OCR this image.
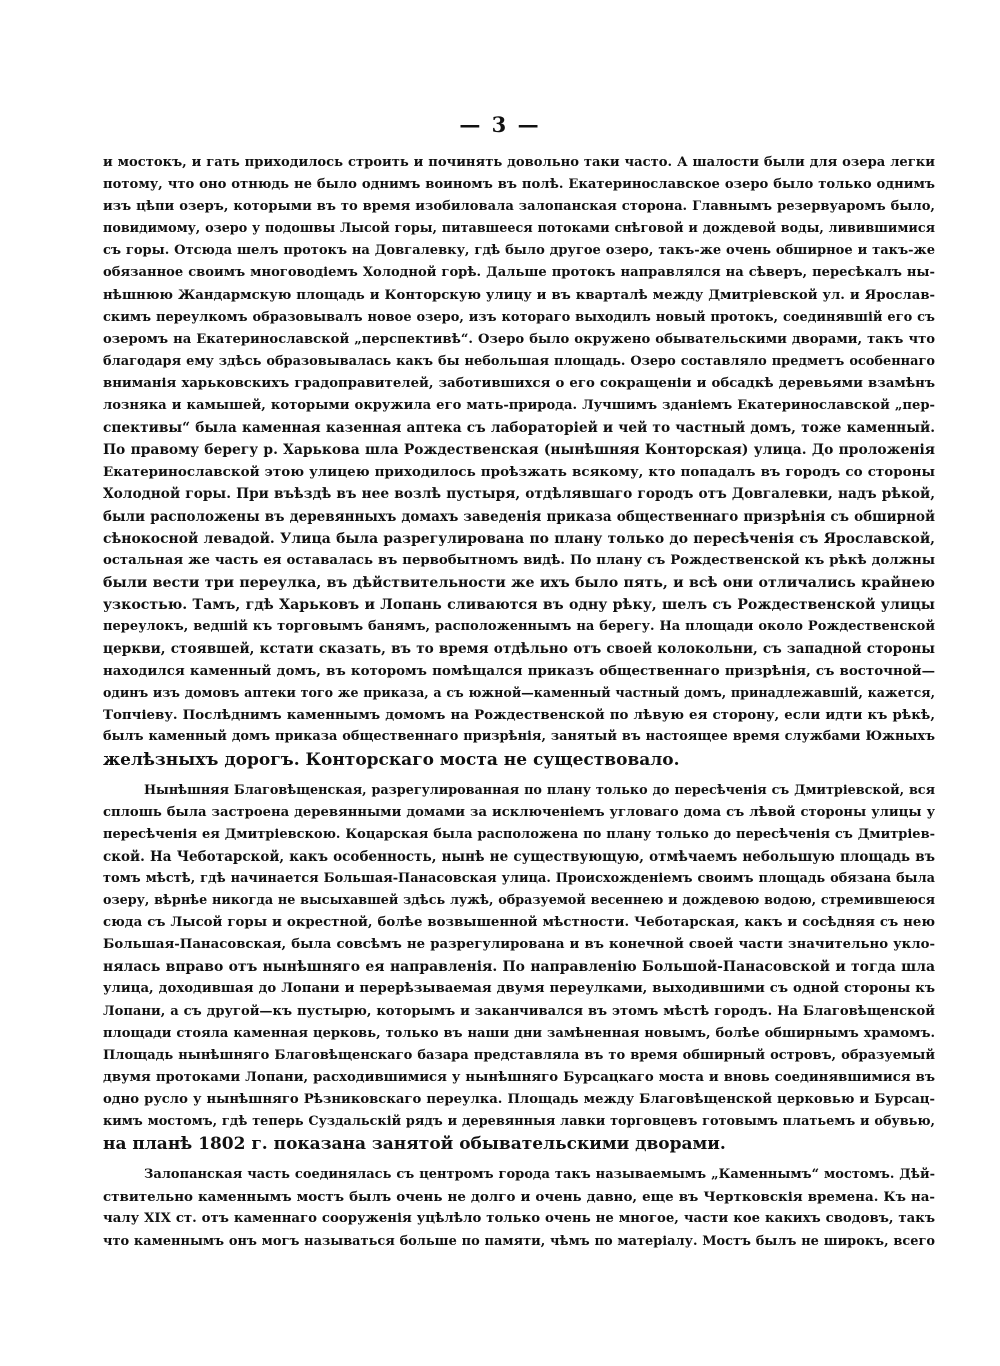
— 3 —
и мостокъ, и гать приходилось строить и починять довольно таки часто. А шалости были для озера легки
потому, что оно отнюдь не было однимъ воиномъ въ полѣ. Екатеринославское озеро было только однимъ
изъ цѣпи озеръ, которыми въ то время изобиловала залопанская сторона. Главнымъ резервуаромъ было,
повидимому, озеро у подошвы Лысой горы, питавшееся потоками снѣговой и дождевой воды, ливившимися
съ горы. Отсюда шелъ протокъ на Довгалевку, гдѣ было другое озеро, такъ-же очень обширное и такъ-же
обязанное своимъ многоводіемъ Холодной горѣ. Дальше протокъ направлялся на сѣверъ, пересѣкалъ ны-
нѣшнюю Жандармскую площадь и Конторскую улицу и въ кварталѣ между Дмитріевской ул. и Ярослав-
скимъ переулкомъ образовывалъ новое озеро, изъ котораго выходилъ новый протокъ, соединявшій его съ
озеромъ на Екатеринославской „перспективѣ“. Озеро было окружено обывательскими дворами, такъ что
благодаря ему здѣсь образовывалась какъ бы небольшая площадь. Озеро составляло предметъ особеннаго
вниманія харьковскихъ градоправителей, заботившихся о его сокращеніи и обсадкѣ деревьями взамѣнъ
лозняка и камышей, которыми окружила его мать-природа. Лучшимъ зданіемъ Екатеринославской „пер-
спективы“ была каменная казенная аптека съ лабораторіей и чей то частный домъ, тоже каменный.
По правому берегу р. Харькова шла Рождественская (нынѣшняя Конторская) улица. До проложенія
Екатеринославской этою улицею приходилось проѣзжать всякому, кто попадалъ въ городъ со стороны
Холодной горы. При въѣздѣ въ нее возлѣ пустыря, отдѣлявшаго городъ отъ Довгалевки, надъ рѣкой,
были расположены въ деревянныхъ домахъ заведенія приказа общественнаго призрѣнія съ обширной
сѣнокосной левадой. Улица была разрегулирована по плану только до пересѣченія съ Ярославской,
остальная же часть ея оставалась въ первобытномъ видѣ. По плану съ Рождественской къ рѣкѣ должны
были вести три переулка, въ дѣйствительности же ихъ было пять, и всѣ они отличались крайнею
узкостью. Тамъ, гдѣ Харьковъ и Лопань сливаются въ одну рѣку, шелъ съ Рождественской улицы
переулокъ, ведшій къ торговымъ банямъ, расположеннымъ на берегу. На площади около Рождественской
церкви, стоявшей, кстати сказать, въ то время отдѣльно отъ своей колокольни, съ западной стороны
находился каменный домъ, въ которомъ помѣщался приказъ общественнаго призрѣнія, съ восточной—
одинъ изъ домовъ аптеки того же приказа, а съ южной—каменный частный домъ, принадлежавшій, кажется,
Топчіеву. Послѣднимъ каменнымъ домомъ на Рождественской по лѣвую ея сторону, если идти къ рѣкѣ,
былъ каменный домъ приказа общественнаго призрѣнія, занятый въ настоящее время службами Южныхъ
желѣзныхъ дорогъ. Конторскаго моста не существовало.
Нынѣшняя Благовѣщенская, разрегулированная по плану только до пересѣченія съ Дмитріевской, вся
сплошь была застроена деревянными домами за исключеніемъ угловаго дома съ лѣвой стороны улицы у
пересѣченія ея Дмитріевскою. Коцарская была расположена по плану только до пересѣченія съ Дмитріев-
ской. На Чеботарской, какъ особенность, нынѣ не существующую, отмѣчаемъ небольшую площадь въ
томъ мѣстѣ, гдѣ начинается Большая-Панасовская улица. Происхожденіемъ своимъ площадь обязана была
озеру, вѣрнѣе никогда не высыхавшей здѣсь лужѣ, образуемой весеннею и дождевою водою, стремившеюся
сюда съ Лысой горы и окрестной, болѣе возвышенной мѣстности. Чеботарская, какъ и сосѣдняя съ нею
Большая-Панасовская, была совсѣмъ не разрегулирована и въ конечной своей части значительно укло-
нялась вправо отъ нынѣшняго ея направленія. По направленію Большой-Панасовской и тогда шла
улица, доходившая до Лопани и перерѣзываемая двумя переулками, выходившими съ одной стороны къ
Лопани, а съ другой—къ пустырю, которымъ и заканчивался въ этомъ мѣстѣ городъ. На Благовѣщенской
площади стояла каменная церковь, только въ наши дни замѣненная новымъ, болѣе обширнымъ храмомъ.
Площадь нынѣшняго Благовѣщенскаго базара представляла въ то время обширный островъ, образуемый
двумя протоками Лопани, расходившимися у нынѣшняго Бурсацкаго моста и вновь соединявшимися въ
одно русло у нынѣшняго Рѣзниковскаго переулка. Площадь между Благовѣщенской церковью и Бурсац-
кимъ мостомъ, гдѣ теперь Суздальскій рядъ и деревянныя лавки торговцевъ готовымъ платьемъ и обувью,
на планѣ 1802 г. показана занятой обывательскими дворами.
Залопанская часть соединялась съ центромъ города такъ называемымъ „Каменнымъ“ мостомъ. Дѣй-
ствительно каменнымъ мостъ былъ очень не долго и очень давно, еще въ Чертковскія времена. Къ на-
чалу XIX ст. отъ каменнаго сооруженія уцѣлѣло только очень не многое, части кое какихъ сводовъ, такъ
что каменнымъ онъ могъ называться больше по памяти, чѣмъ по матеріалу. Мостъ былъ не широкъ, всего
